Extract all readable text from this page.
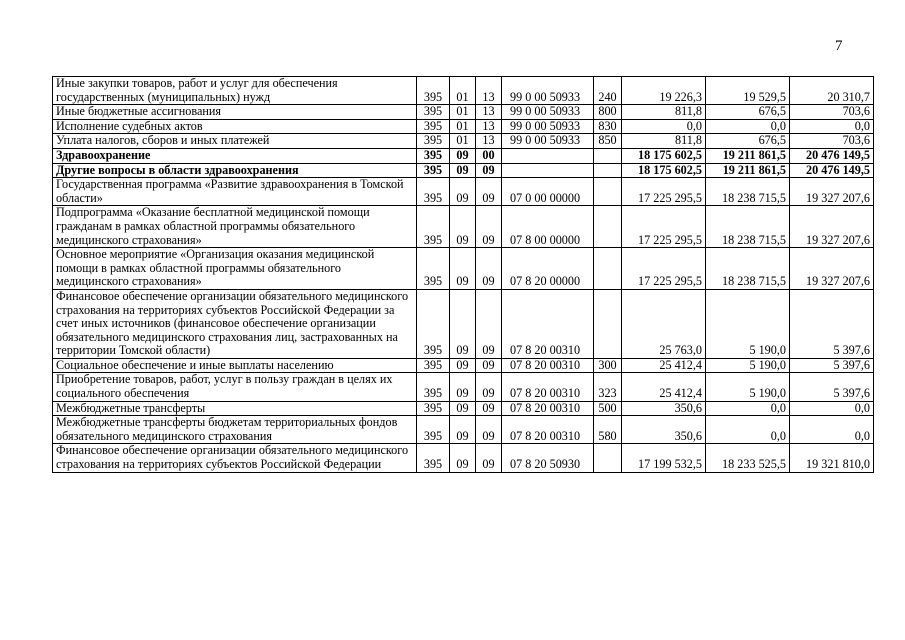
7
Иные закупки товаров, работ и услуг для обеспечения государственных (муниципальных) нужд	395	01	13	99 0 00 50933	240	19 226,3	19 529,5	20 310,7
Иные бюджетные ассигнования	395	01	13	99 0 00 50933	800	811,8	676,5	703,6
Исполнение судебных актов	395	01	13	99 0 00 50933	830	0,0	0,0	0,0
Уплата налогов, сборов и иных платежей	395	01	13	99 0 00 50933	850	811,8	676,5	703,6
Здравоохранение	395	09	00			18 175 602,5	19 211 861,5	20 476 149,5
Другие вопросы в области здравоохранения	395	09	09			18 175 602,5	19 211 861,5	20 476 149,5
Государственная программа «Развитие здравоохранения в Томской области»	395	09	09	07 0 00 00000		17 225 295,5	18 238 715,5	19 327 207,6
Подпрограмма «Оказание бесплатной медицинской помощи гражданам в рамках областной программы обязательного медицинского страхования»	395	09	09	07 8 00 00000		17 225 295,5	18 238 715,5	19 327 207,6
Основное мероприятие «Организация оказания медицинской помощи в рамках областной программы обязательного медицинского страхования»	395	09	09	07 8 20 00000		17 225 295,5	18 238 715,5	19 327 207,6
Финансовое обеспечение организации обязательного медицинского страхования на территориях субъектов Российской Федерации за счет иных источников (финансовое обеспечение организации обязательного медицинского страхования лиц, застрахованных на территории Томской области)	395	09	09	07 8 20 00310		25 763,0	5 190,0	5 397,6
Социальное обеспечение и иные выплаты населению	395	09	09	07 8 20 00310	300	25 412,4	5 190,0	5 397,6
Приобретение товаров, работ, услуг в пользу граждан в целях их социального обеспечения	395	09	09	07 8 20 00310	323	25 412,4	5 190,0	5 397,6
Межбюджетные трансферты	395	09	09	07 8 20 00310	500	350,6	0,0	0,0
Межбюджетные трансферты бюджетам территориальных фондов обязательного медицинского страхования	395	09	09	07 8 20 00310	580	350,6	0,0	0,0
Финансовое обеспечение организации обязательного медицинского страхования на территориях субъектов Российской Федерации	395	09	09	07 8 20 50930		17 199 532,5	18 233 525,5	19 321 810,0
